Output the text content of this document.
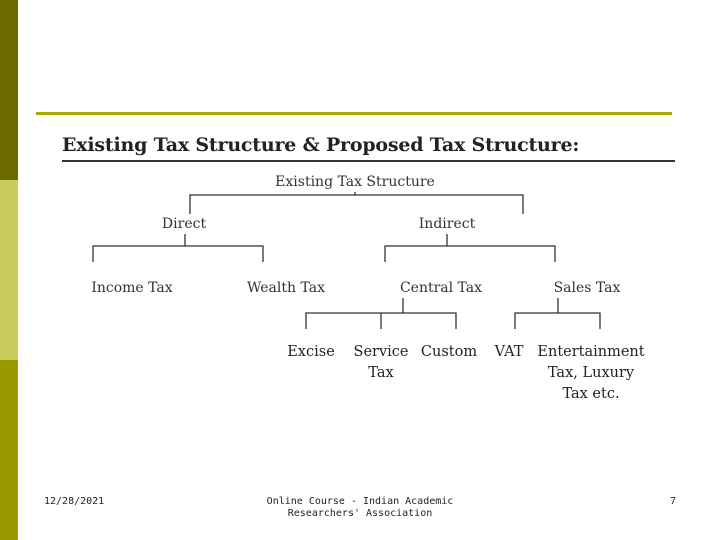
Existing Tax Structure & Proposed Tax Structure:
Existing Tax Structure
Direct	Indirect
Income Tax	Wealth Tax	Central Tax	Sales Tax
Excise Service
Tax
Custom VAT Entertainment
Tax, Luxury
Tax etc.
12/28/2021	Online Course - Indian Academic
Researchers' Association
7
